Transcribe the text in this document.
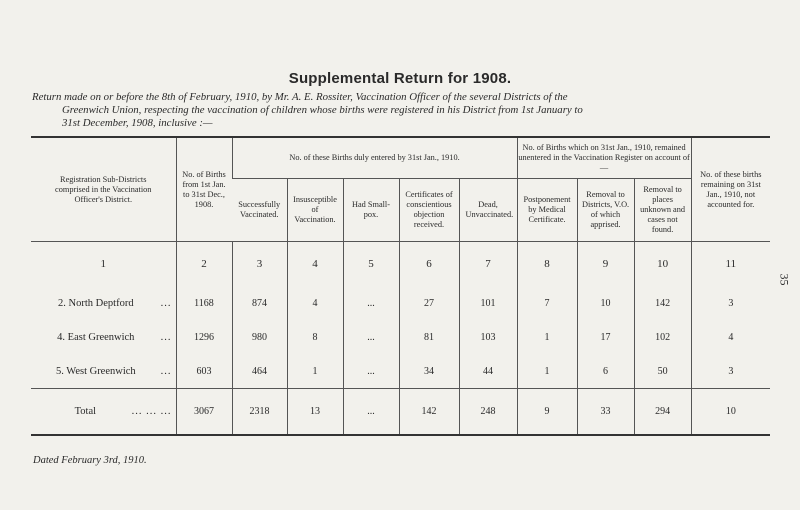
Supplemental Return for 1908.
Return made on or before the 8th of February, 1910, by Mr. A. E. Rossiter, Vaccination Officer of the several Districts of the
Greenwich Union, respecting the vaccination of children whose births were registered in his District from 1st January to
31st December, 1908, inclusive :—
35
Registration Sub-Districts comprised in the Vaccination Officer's District.	No. of Births from 1st Jan. to 31st Dec., 1908.	No. of these Births duly entered by 31st Jan., 1910.					No. of Births which on 31st Jan., 1910, remained unentered in the Vaccination Register on account of—			No. of these births remaining on 31st Jan., 1910, not accounted for.
		Successfully Vaccinated.	Insusceptible of Vaccination.	Had Small-pox.	Certificates of conscientious objection received.	Dead, Unvaccinated.	Postponement by Medical Certificate.	Removal to Districts, V.O. of which apprised.	Removal to places unknown and cases not found.	
1	2	3	4	5	6	7	8	9	10	11
2. North Deptford ...	1168	874	4	...	27	101	7	10	142	3
4. East Greenwich ...	1296	980	8	...	81	103	1	17	102	4
5. West Greenwich ...	603	464	1	...	34	44	1	6	50	3
Total ... ... ...	3067	2318	13	...	142	248	9	33	294	10
Dated February 3rd, 1910.
